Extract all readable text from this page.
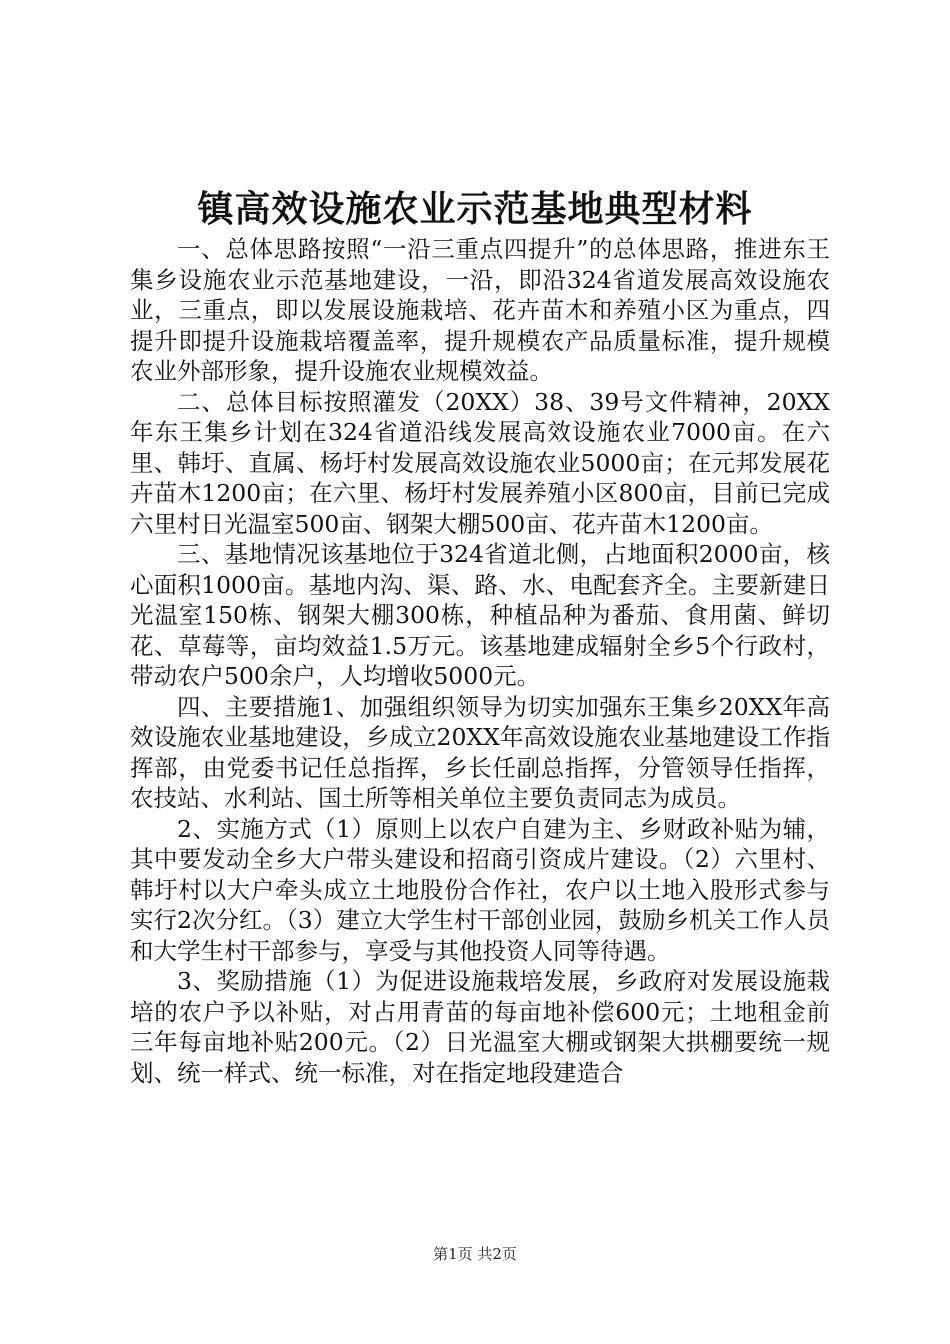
镇高效设施农业示范基地典型材料

一、总体思路按照“一沿三重点四提升”的总体思路，推进东王集乡设施农业示范基地建设，一沿，即沿324省道发展高效设施农业，三重点，即以发展设施栽培、花卉苗木和养殖小区为重点，四提升即提升设施栽培覆盖率，提升规模农产品质量标准，提升规模农业外部形象，提升设施农业规模效益。

二、总体目标按照灌发（20XX）38、39号文件精神，20XX年东王集乡计划在324省道沿线发展高效设施农业7000亩。在六里、韩圩、直属、杨圩村发展高效设施农业5000亩；在元邦发展花卉苗木1200亩；在六里、杨圩村发展养殖小区800亩，目前已完成六里村日光温室500亩、钢架大棚500亩、花卉苗木1200亩。

三、基地情况该基地位于324省道北侧，占地面积2000亩，核心面积1000亩。基地内沟、渠、路、水、电配套齐全。主要新建日光温室150栋、钢架大棚300栋，种植品种为番茄、食用菌、鲜切花、草莓等，亩均效益1.5万元。该基地建成辐射全乡5个行政村，带动农户500余户，人均增收5000元。

四、主要措施1、加强组织领导为切实加强东王集乡20XX年高效设施农业基地建设，乡成立20XX年高效设施农业基地建设工作指挥部，由党委书记任总指挥，乡长任副总指挥，分管领导任指挥，农技站、水利站、国土所等相关单位主要负责同志为成员。

2、实施方式（1）原则上以农户自建为主、乡财政补贴为辅，其中要发动全乡大户带头建设和招商引资成片建设。（2）六里村、韩圩村以大户牵头成立土地股份合作社，农户以土地入股形式参与实行2次分红。（3）建立大学生村干部创业园，鼓励乡机关工作人员和大学生村干部参与，享受与其他投资人同等待遇。

3、奖励措施（1）为促进设施栽培发展，乡政府对发展设施栽培的农户予以补贴，对占用青苗的每亩地补偿600元；土地租金前三年每亩地补贴200元。（2）日光温室大棚或钢架大拱棚要统一规划、统一样式、统一标准，对在指定地段建造合

第1页 共2页
